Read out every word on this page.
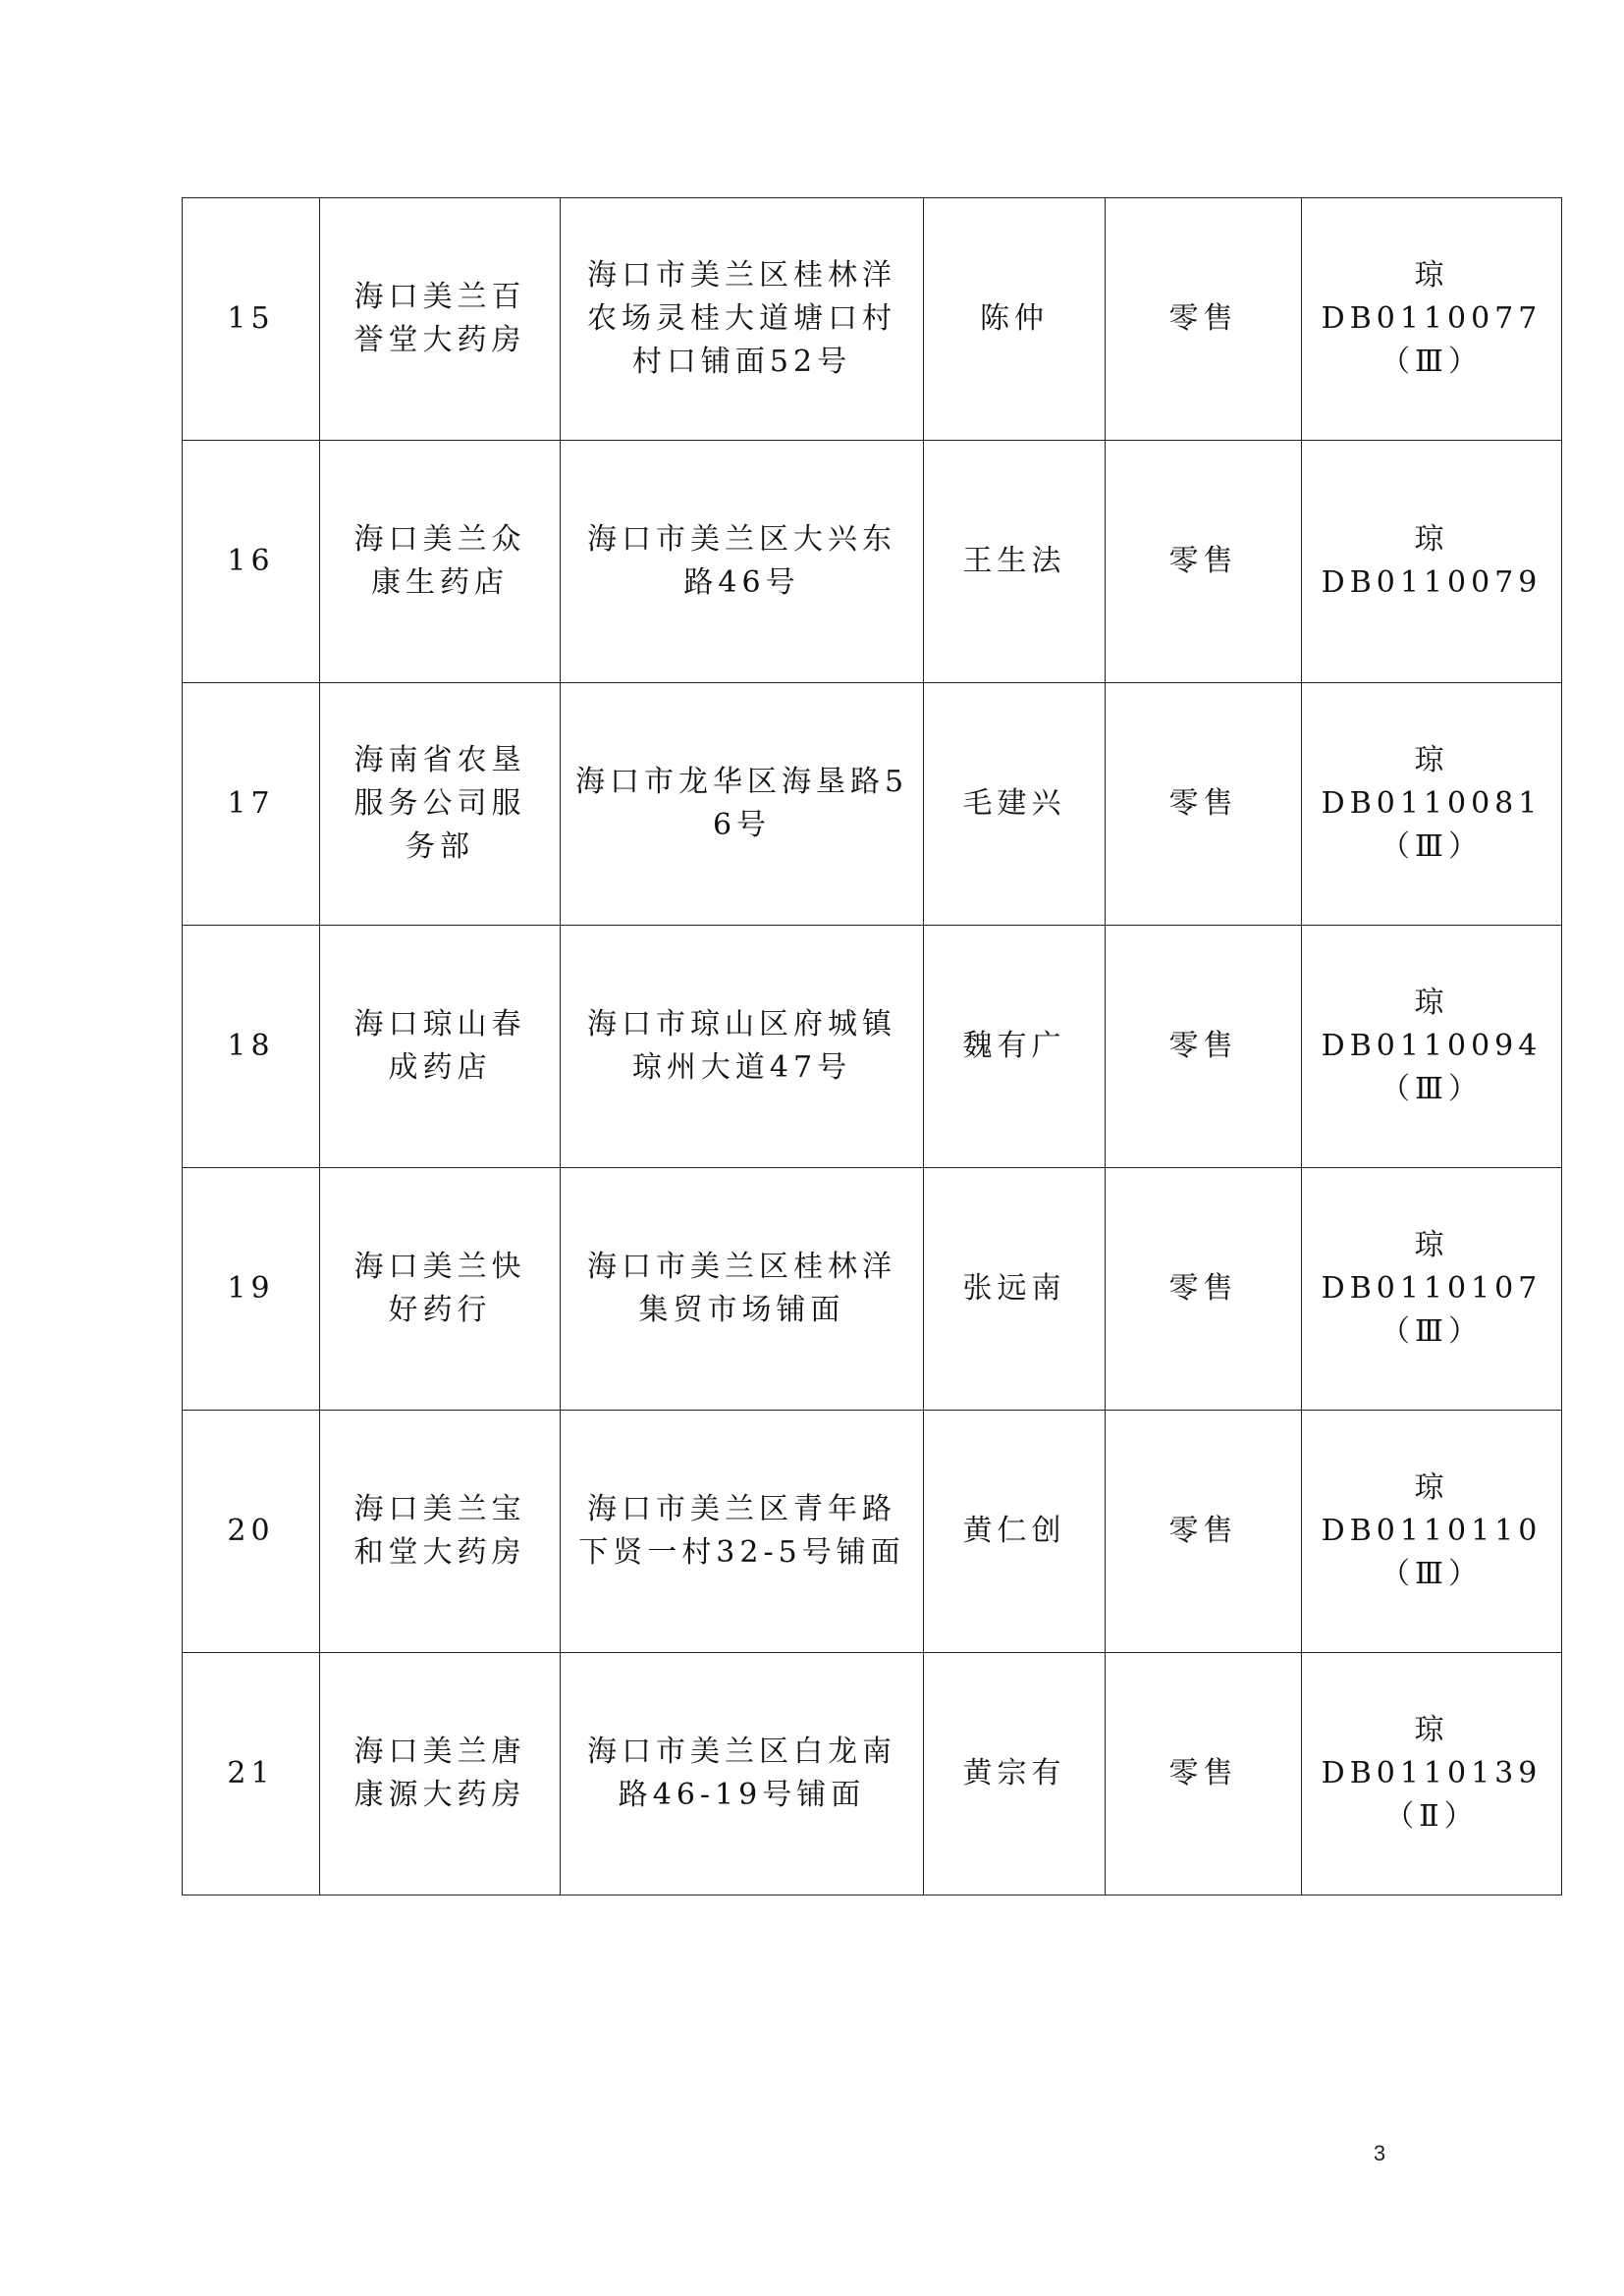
15	海口美兰百誉堂大药房	海口市美兰区桂林洋农场灵桂大道塘口村村口铺面52号	陈仲	零售	琼DB0110077
（Ⅲ）

16	海口美兰众康生药店	海口市美兰区大兴东路46号	王生法	零售	琼DB0110079

17	海南省农垦服务公司服务部	海口市龙华区海垦路56号	毛建兴	零售	琼DB0110081
（Ⅲ）

18	海口琼山春成药店	海口市琼山区府城镇琼州大道47号	魏有广	零售	琼DB0110094
（Ⅲ）

19	海口美兰快好药行	海口市美兰区桂林洋集贸市场铺面	张远南	零售	琼DB0110107
（Ⅲ）

20	海口美兰宝和堂大药房	海口市美兰区青年路下贤一村32-5号铺面	黄仁创	零售	琼DB0110110
（Ⅲ）

21	海口美兰唐康源大药房	海口市美兰区白龙南路46-19号铺面	黄宗有	零售	琼DB0110139
（Ⅱ）
3
